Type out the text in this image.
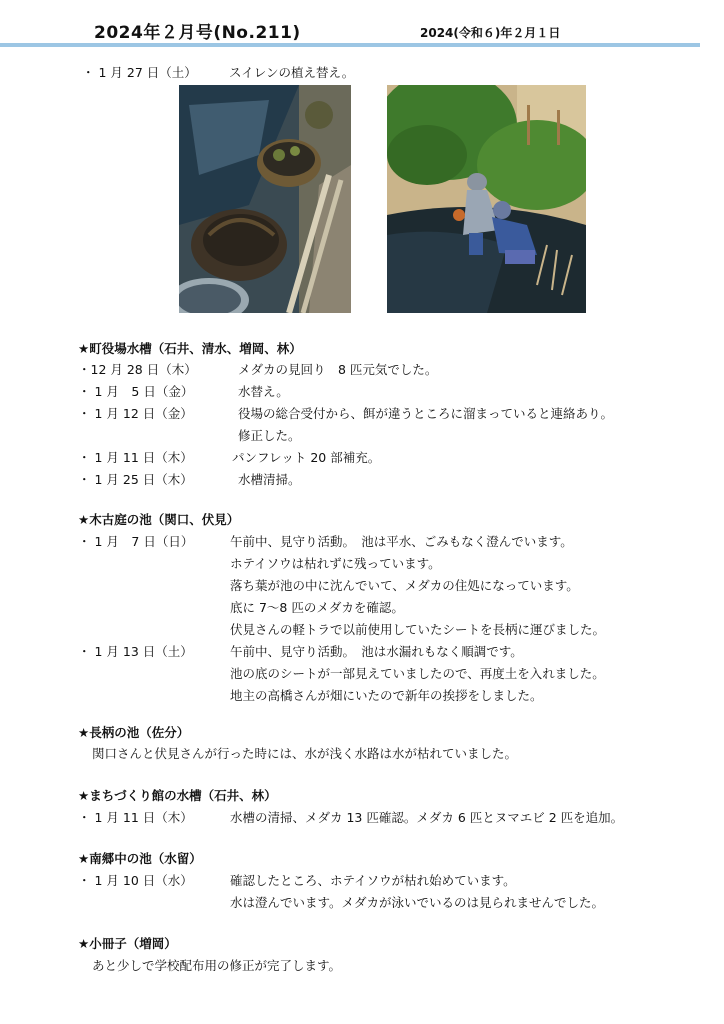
2024年２月号(No.211)	2024(令和６)年２月１日
・ 1 月 27 日（土）	スイレンの植え替え。
★町役場水槽（石井、清水、増岡、林）
・12 月 28 日（木）	メダカの見回り　8 匹元気でした。
・ 1 月　5 日（金）	水替え。
・ 1 月 12 日（金）	役場の総合受付から、餌が違うところに溜まっていると連絡あり。
修正した。
・ 1 月 11 日（木）	パンフレット 20 部補充。
・ 1 月 25 日（木）	水槽清掃。
★木古庭の池（関口、伏見）
・ 1 月　7 日（日）	午前中、見守り活動。　池は平水、ごみもなく澄んでいます。
ホテイソウは枯れずに残っています。
落ち葉が池の中に沈んでいて、メダカの住処になっています。
底に 7～8 匹のメダカを確認。
伏見さんの軽トラで以前使用していたシートを長柄に運びました。
・ 1 月 13 日（土）	午前中、見守り活動。　池は水漏れもなく順調です。
池の底のシートが一部見えていましたので、再度土を入れました。
地主の高橋さんが畑にいたので新年の挨拶をしました。
★長柄の池（佐分）
関口さんと伏見さんが行った時には、水が浅く水路は水が枯れていました。
★まちづくり館の水槽（石井、林）
・ 1 月 11 日（木）	水槽の清掃、メダカ 13 匹確認。メダカ 6 匹とヌマエビ 2 匹を追加。
★南郷中の池（水留）
・ 1 月 10 日（水）	確認したところ、ホテイソウが枯れ始めています。
水は澄んでいます。メダカが泳いでいるのは見られませんでした。
★小冊子（増岡）
あと少しで学校配布用の修正が完了します。
